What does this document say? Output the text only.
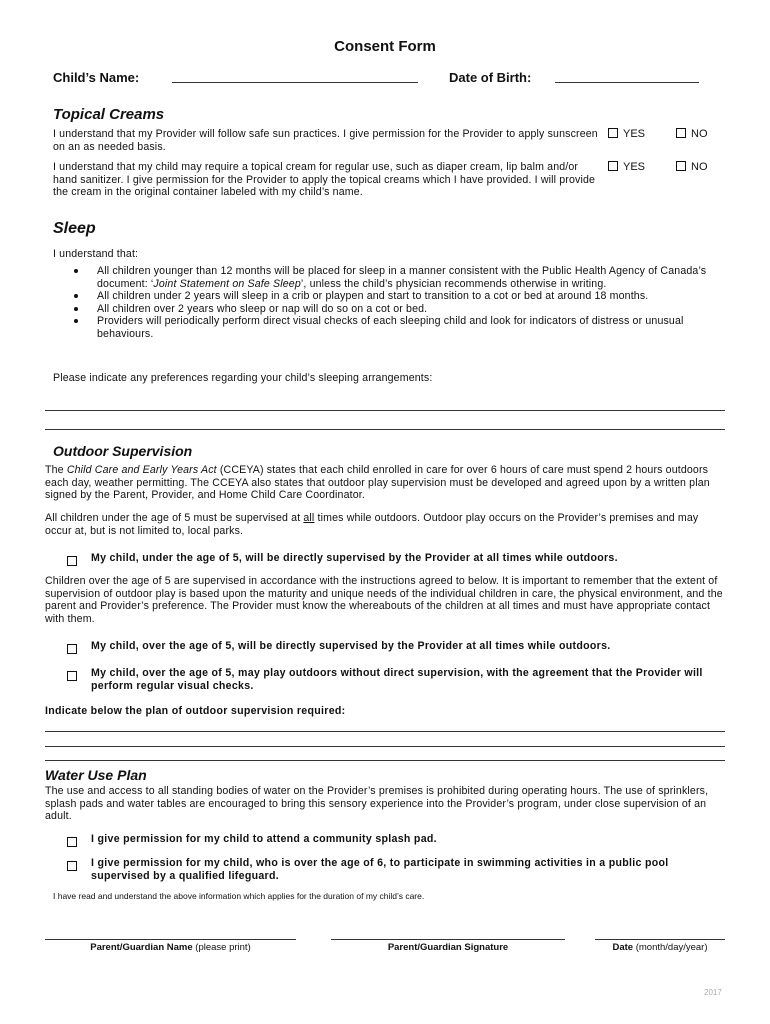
Consent Form
Child’s Name:	Date of Birth:
Topical Creams
I understand that my Provider will follow safe sun practices. I give permission for the Provider to apply sunscreen on an as needed basis.
YES	NO
I understand that my child may require a topical cream for regular use, such as diaper cream, lip balm and/or hand sanitizer. I give permission for the Provider to apply the topical creams which I have provided. I will provide the cream in the original container labeled with my child’s name.
YES	NO
Sleep
I understand that:
All children younger than 12 months will be placed for sleep in a manner consistent with the Public Health Agency of Canada’s document: ‘Joint Statement on Safe Sleep’, unless the child’s physician recommends otherwise in writing.
All children under 2 years will sleep in a crib or playpen and start to transition to a cot or bed at around 18 months.
All children over 2 years who sleep or nap will do so on a cot or bed.
Providers will periodically perform direct visual checks of each sleeping child and look for indicators of distress or unusual behaviours.
Please indicate any preferences regarding your child’s sleeping arrangements:
Outdoor Supervision
The Child Care and Early Years Act (CCEYA) states that each child enrolled in care for over 6 hours of care must spend 2 hours outdoors each day, weather permitting. The CCEYA also states that outdoor play supervision must be developed and agreed upon by a written plan signed by the Parent, Provider, and Home Child Care Coordinator.
All children under the age of 5 must be supervised at all times while outdoors. Outdoor play occurs on the Provider’s premises and may occur at, but is not limited to, local parks.
My child, under the age of 5, will be directly supervised by the Provider at all times while outdoors.
Children over the age of 5 are supervised in accordance with the instructions agreed to below. It is important to remember that the extent of supervision of outdoor play is based upon the maturity and unique needs of the individual children in care, the physical environment, and the parent and Provider’s preference. The Provider must know the whereabouts of the children at all times and must have appropriate contact with them.
My child, over the age of 5, will be directly supervised by the Provider at all times while outdoors.
My child, over the age of 5, may play outdoors without direct supervision, with the agreement that the Provider will perform regular visual checks.
Indicate below the plan of outdoor supervision required:
Water Use Plan
The use and access to all standing bodies of water on the Provider’s premises is prohibited during operating hours. The use of sprinklers, splash pads and water tables are encouraged to bring this sensory experience into the Provider’s program, under close supervision of an adult.
I give permission for my child to attend a community splash pad.
I give permission for my child, who is over the age of 6, to participate in swimming activities in a public pool supervised by a qualified lifeguard.
I have read and understand the above information which applies for the duration of my child’s care.
Parent/Guardian Name (please print)	Parent/Guardian Signature	Date (month/day/year)
2017
